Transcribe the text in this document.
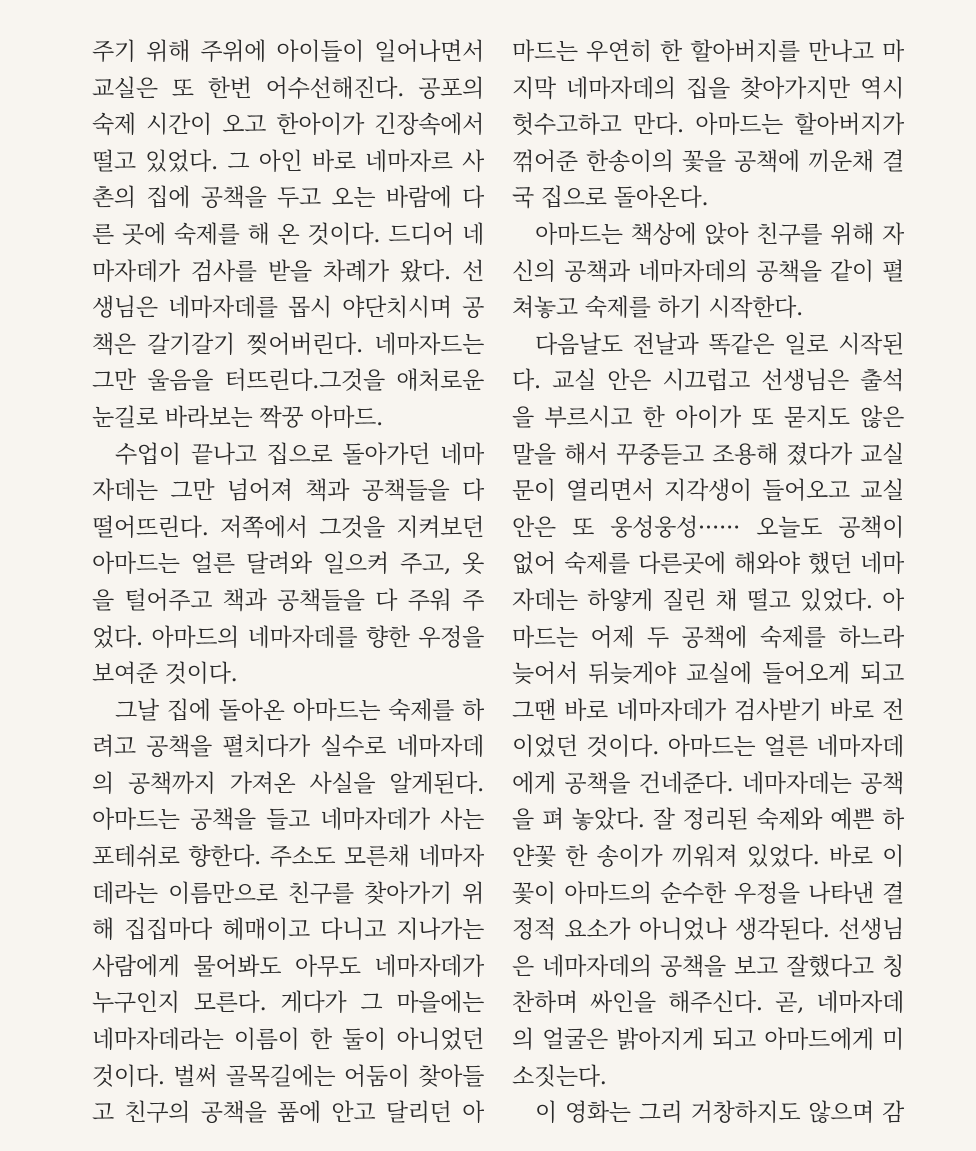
주기 위해 주위에 아이들이 일어나면서
교실은 또 한번 어수선해진다. 공포의
숙제 시간이 오고 한아이가 긴장속에서
떨고 있었다. 그 아인 바로 네마자르 사
촌의 집에 공책을 두고 오는 바람에 다
른 곳에 숙제를 해 온 것이다. 드디어 네
마자데가 검사를 받을 차례가 왔다. 선
생님은 네마자데를 몹시 야단치시며 공
책은 갈기갈기 찢어버린다. 네마자드는
그만 울음을 터뜨린다.그것을 애처로운
눈길로 바라보는 짝꿍 아마드.
수업이 끝나고 집으로 돌아가던 네마
자데는 그만 넘어져 책과 공책들을 다
떨어뜨린다. 저쪽에서 그것을 지켜보던
아마드는 얼른 달려와 일으켜 주고, 옷
을 털어주고 책과 공책들을 다 주워 주
었다. 아마드의 네마자데를 향한 우정을
보여준 것이다.
그날 집에 돌아온 아마드는 숙제를 하
려고 공책을 펼치다가 실수로 네마자데
의 공책까지 가져온 사실을 알게된다.
아마드는 공책을 들고 네마자데가 사는
포테쉬로 향한다. 주소도 모른채 네마자
데라는 이름만으로 친구를 찾아가기 위
해 집집마다 헤매이고 다니고 지나가는
사람에게 물어봐도 아무도 네마자데가
누구인지 모른다. 게다가 그 마을에는
네마자데라는 이름이 한 둘이 아니었던
것이다. 벌써 골목길에는 어둠이 찾아들
고 친구의 공책을 품에 안고 달리던 아
마드는 우연히 한 할아버지를 만나고 마
지막 네마자데의 집을 찾아가지만 역시
헛수고하고 만다. 아마드는 할아버지가
꺾어준 한송이의 꽃을 공책에 끼운채 결
국 집으로 돌아온다.
아마드는 책상에 앉아 친구를 위해 자
신의 공책과 네마자데의 공책을 같이 펼
쳐놓고 숙제를 하기 시작한다.
다음날도 전날과 똑같은 일로 시작된
다. 교실 안은 시끄럽고 선생님은 출석
을 부르시고 한 아이가 또 묻지도 않은
말을 해서 꾸중듣고 조용해 졌다가 교실
문이 열리면서 지각생이 들어오고 교실
안은 또 웅성웅성······ 오늘도 공책이
없어 숙제를 다른곳에 해와야 했던 네마
자데는 하얗게 질린 채 떨고 있었다. 아
마드는 어제 두 공책에 숙제를 하느라
늦어서 뒤늦게야 교실에 들어오게 되고
그땐 바로 네마자데가 검사받기 바로 전
이었던 것이다. 아마드는 얼른 네마자데
에게 공책을 건네준다. 네마자데는 공책
을 펴 놓았다. 잘 정리된 숙제와 예쁜 하
얀꽃 한 송이가 끼워져 있었다. 바로 이
꽃이 아마드의 순수한 우정을 나타낸 결
정적 요소가 아니었나 생각된다. 선생님
은 네마자데의 공책을 보고 잘했다고 칭
찬하며 싸인을 해주신다. 곧, 네마자데
의 얼굴은 밝아지게 되고 아마드에게 미
소짓는다.
이 영화는 그리 거창하지도 않으며 감
